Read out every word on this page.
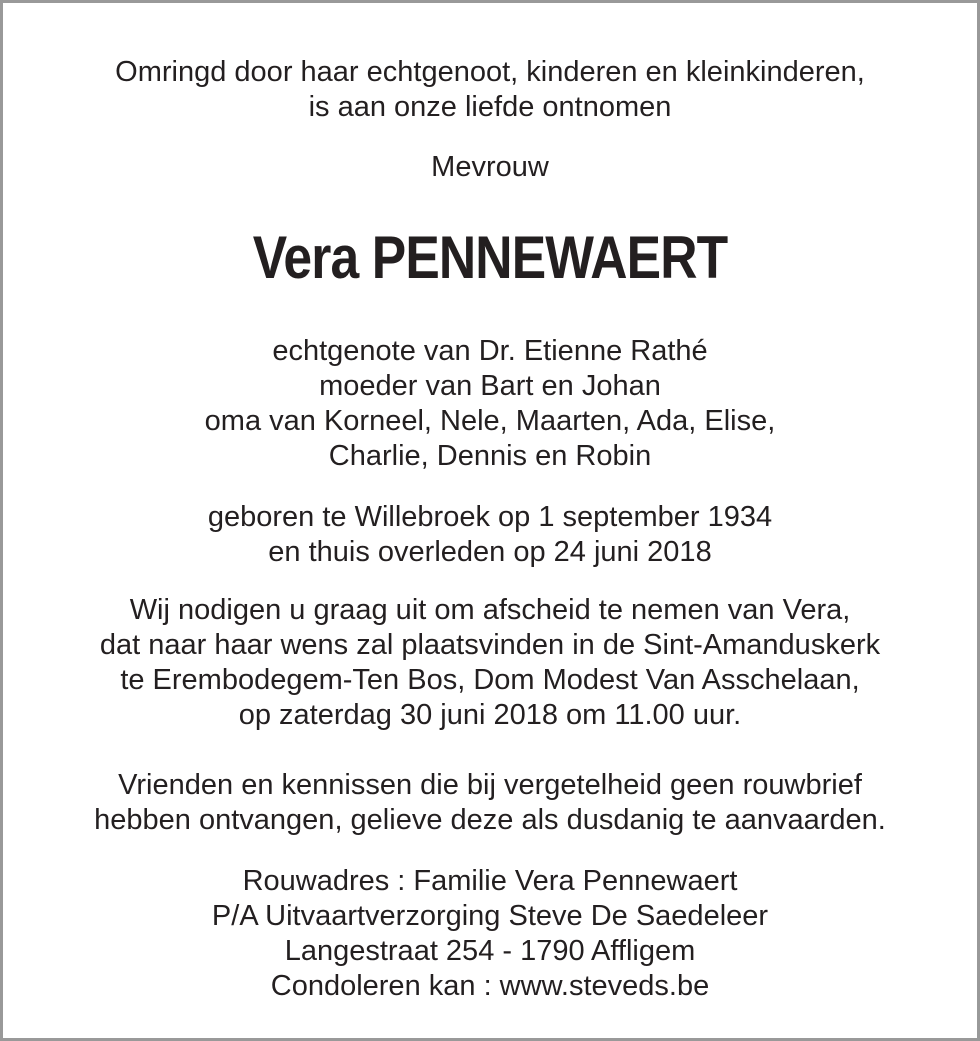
Omringd door haar echtgenoot, kinderen en kleinkinderen,
is aan onze liefde ontnomen
Mevrouw
Vera PENNEWAERT
echtgenote van Dr. Etienne Rathé
moeder van Bart en Johan
oma van Korneel, Nele, Maarten, Ada, Elise,
Charlie, Dennis en Robin
geboren te Willebroek op 1 september 1934
en thuis overleden op 24 juni 2018
Wij nodigen u graag uit om afscheid te nemen van Vera,
dat naar haar wens zal plaatsvinden in de Sint-Amanduskerk
te Erembodegem-Ten Bos, Dom Modest Van Asschelaan,
op zaterdag 30 juni 2018 om 11.00 uur.
Vrienden en kennissen die bij vergetelheid geen rouwbrief
hebben ontvangen, gelieve deze als dusdanig te aanvaarden.
Rouwadres : Familie Vera Pennewaert
P/A Uitvaartverzorging Steve De Saedeleer
Langestraat 254 - 1790 Affligem
Condoleren kan : www.steveds.be
